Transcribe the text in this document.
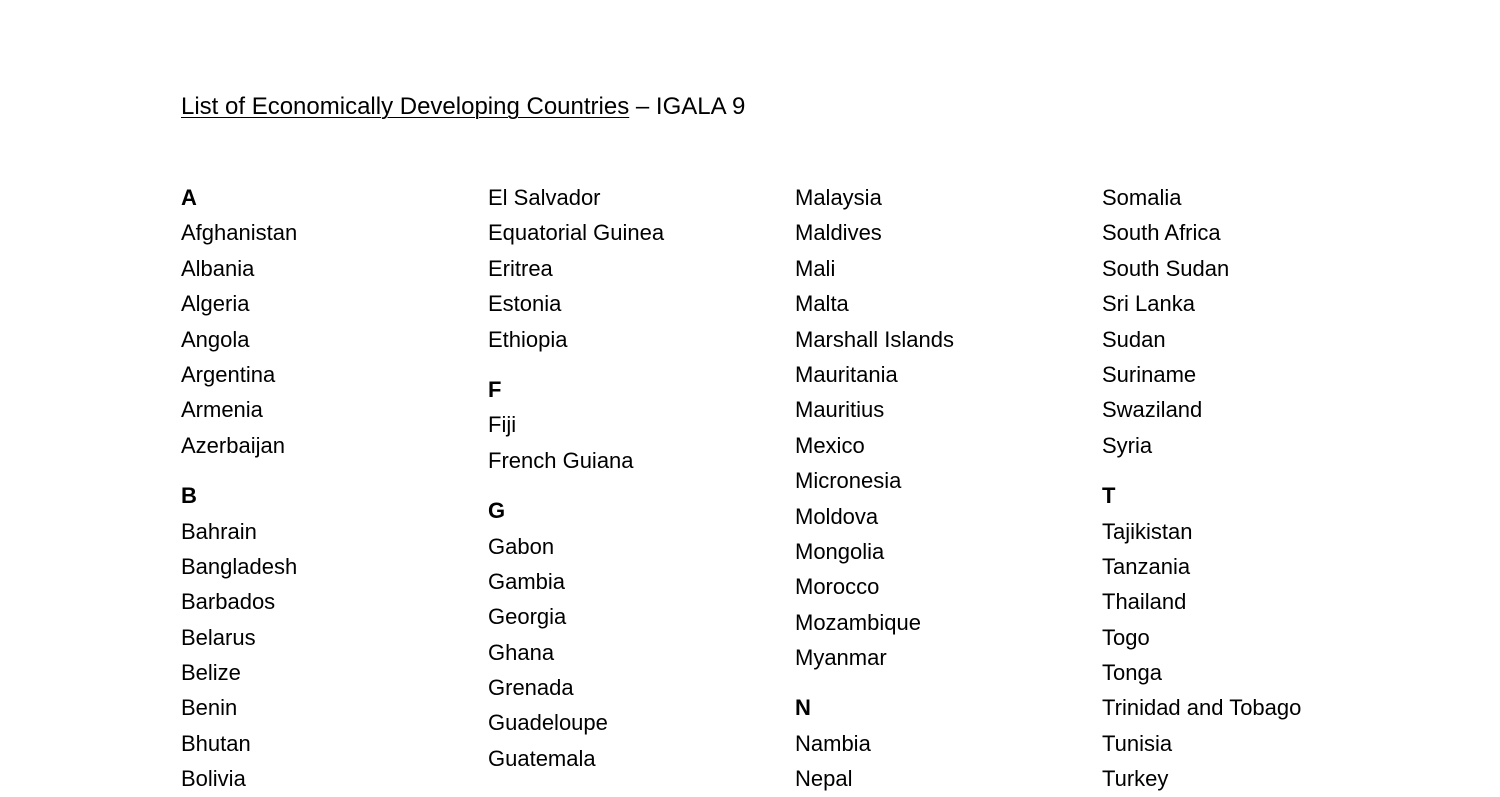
List of Economically Developing Countries – IGALA 9
A
Afghanistan
Albania
Algeria
Angola
Argentina
Armenia
Azerbaijan
B
Bahrain
Bangladesh
Barbados
Belarus
Belize
Benin
Bhutan
Bolivia
El Salvador
Equatorial Guinea
Eritrea
Estonia
Ethiopia
F
Fiji
French Guiana
G
Gabon
Gambia
Georgia
Ghana
Grenada
Guadeloupe
Guatemala
Malaysia
Maldives
Mali
Malta
Marshall Islands
Mauritania
Mauritius
Mexico
Micronesia
Moldova
Mongolia
Morocco
Mozambique
Myanmar
N
Nambia
Nepal
Somalia
South Africa
South Sudan
Sri Lanka
Sudan
Suriname
Swaziland
Syria
T
Tajikistan
Tanzania
Thailand
Togo
Tonga
Trinidad and Tobago
Tunisia
Turkey
